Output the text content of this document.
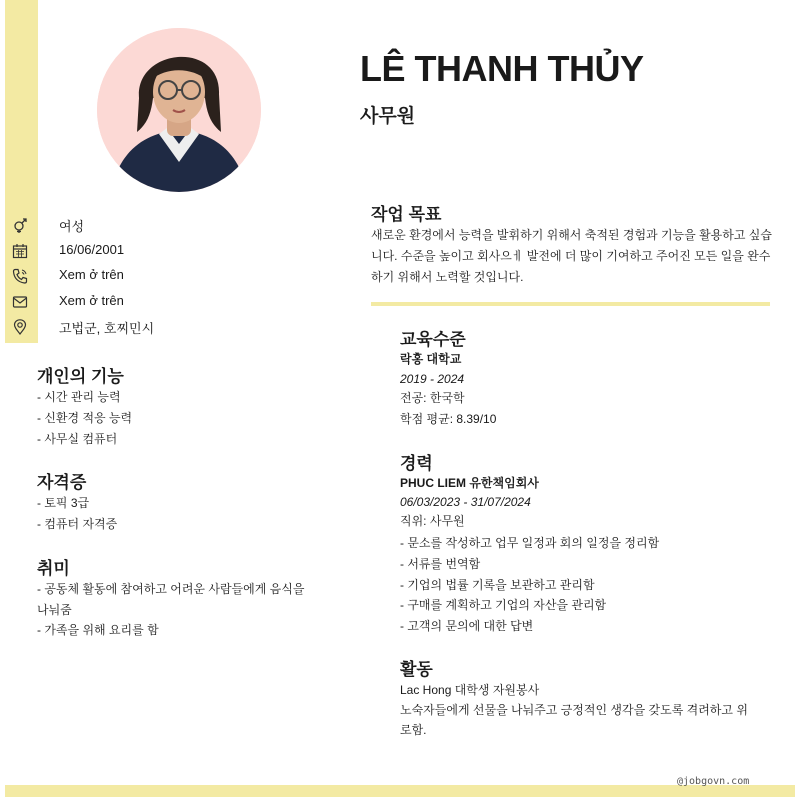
LÊ THANH THỦY
사무원
여성
16/06/2001
Xem ở trên
Xem ở trên
고법군, 호찌민시
개인의 기능
- 시간 관리 능력
- 신환경 적응 능력
- 사무실 컴퓨터
자격증
- 토픽 3급
- 컴퓨터 자격증
취미
- 공동체 활동에 참여하고 어려운 사람들에게 음식을
나눠줌
- 가족을 위해 요리를 함
작업 목표
새로운 환경에서 능력을 발휘하기 위해서 축적된 경험과 기능을 활용하고 싶습니다. 수준을 높이고 회사으ㅔ 발전에 더 많이 기여하고 주어진 모든 일을 완수하기 위해서 노력할 것입니다.
교육수준
락홍 대학교
2019 - 2024
전공: 한국학
학점 평균: 8.39/10
경력
PHUC LIEM 유한책임회사
06/03/2023 - 31/07/2024
직위: 사무원
- 문소를 작성하고 업무 일정과 회의 일정을 정리함
- 서류를 번역함
- 기업의 법률 기록을 보관하고 관리함
- 구매를 계획하고 기업의 자산을 관리함
- 고객의 문의에 대한 답변
활동
Lac Hong 대학생 자원봉사
노숙자들에게 선물을 나눠주고 긍정적인 생각을 갖도록 격려하고 위
로함.
@jobgovn.com
